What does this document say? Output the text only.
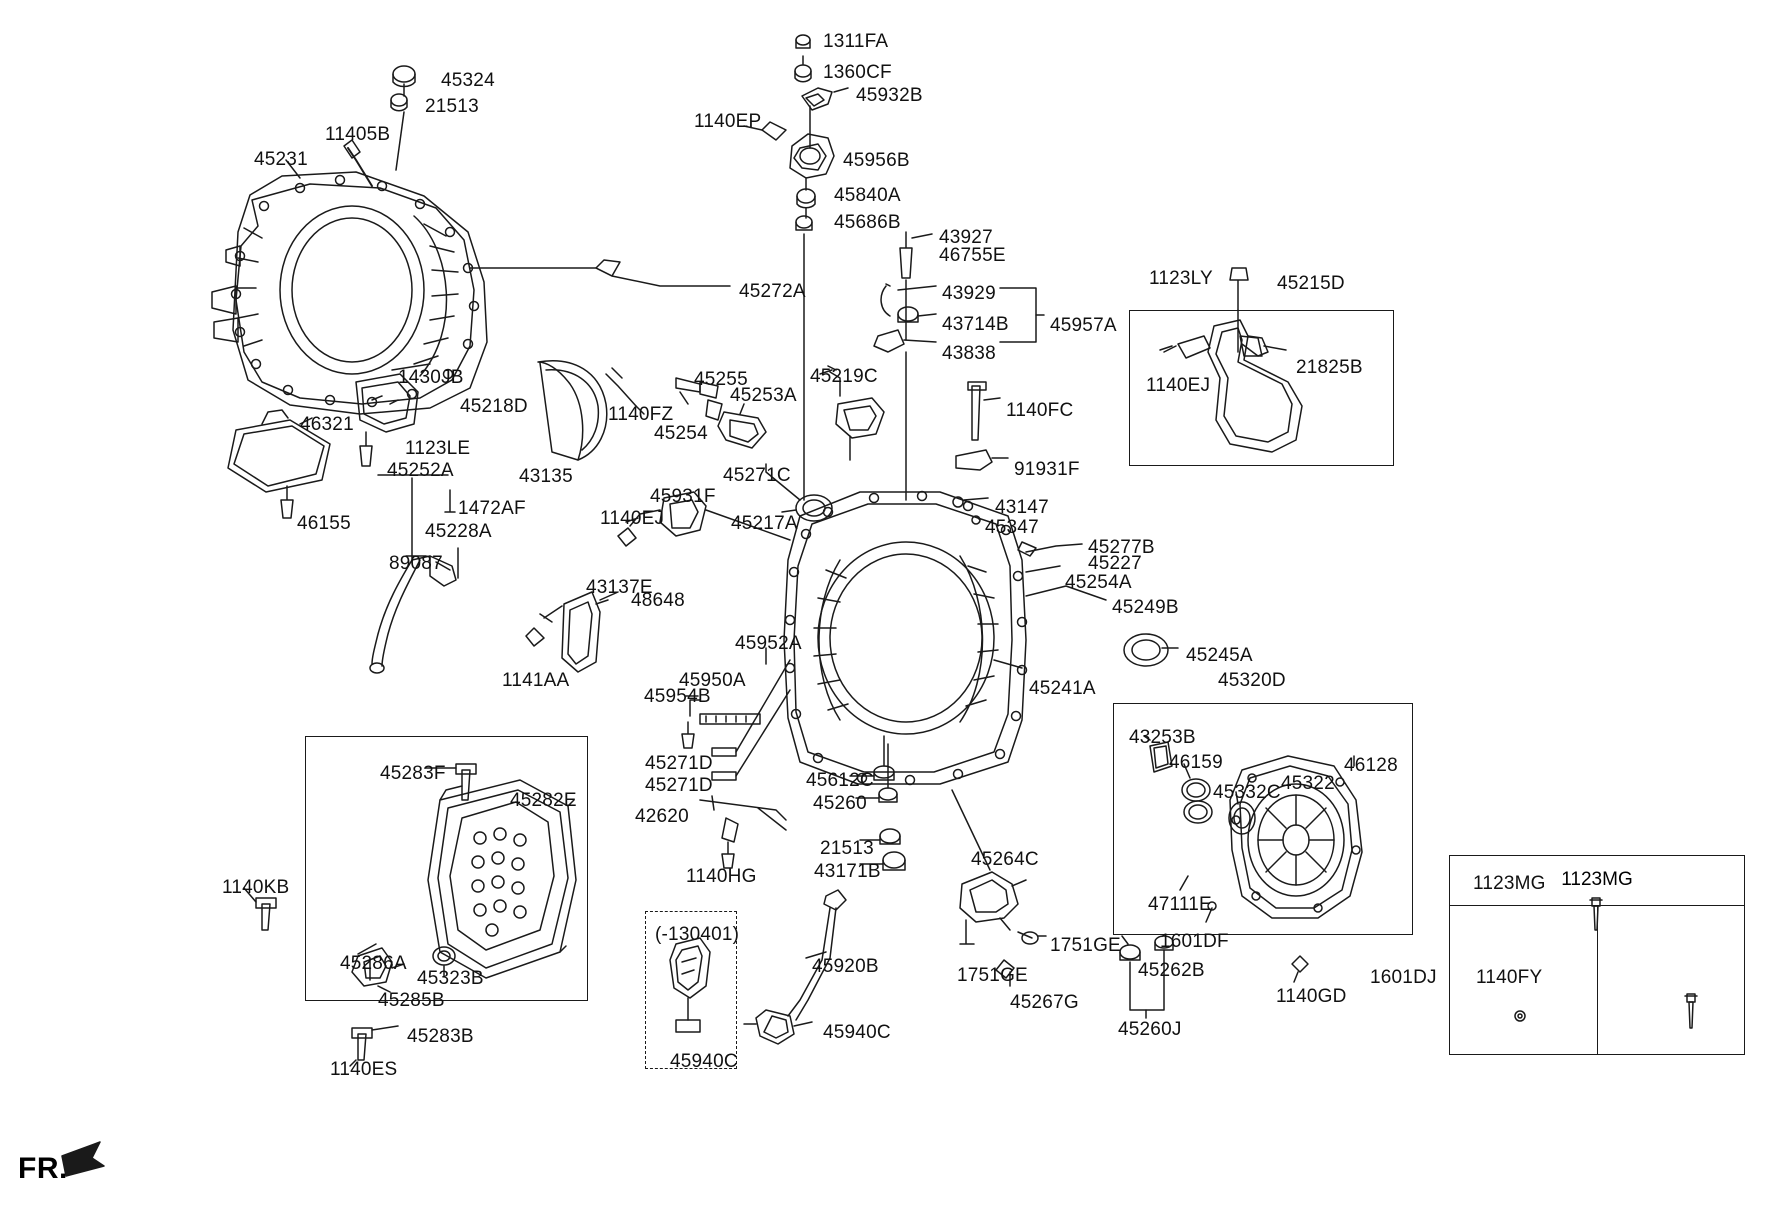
1123MG
1311FA
1360CF
45932B
1140EP
45324
21513
11405B
45231	45956B
45840A
45686B
43927
46755E
1123LY	45215D
45272A	43929
43714B 45957A
43838
21825B
1140EJ
1430JB	45255	45219C
45253A
45218D	1140FZ	1140FC
46321	45254
1123LE
45252A	43135	45271C	91931F
1472AF
45931F
43147
46155	45228A
1140EJ	45217A	45347
45277B
45227
89087
45254A
43137E
48648	45249B
45952A
45245A
45320D
1141AA	45950A
45954B	45241A
43253B
46159	46128
45271D
45283F
45271D	45612C
45332C 45322
45282E	45260
42620
21513
45264C
1140HG	43171B
1123MG
1140KB
47111E
1751GE 1601DF
45286A
(-130401)
45323B
45920B	1751GE	45262B
45285B	45267G	1140GD
1601DJ 1140FY
45283B	45940C	45260J
1140ES	45940C
FR.
